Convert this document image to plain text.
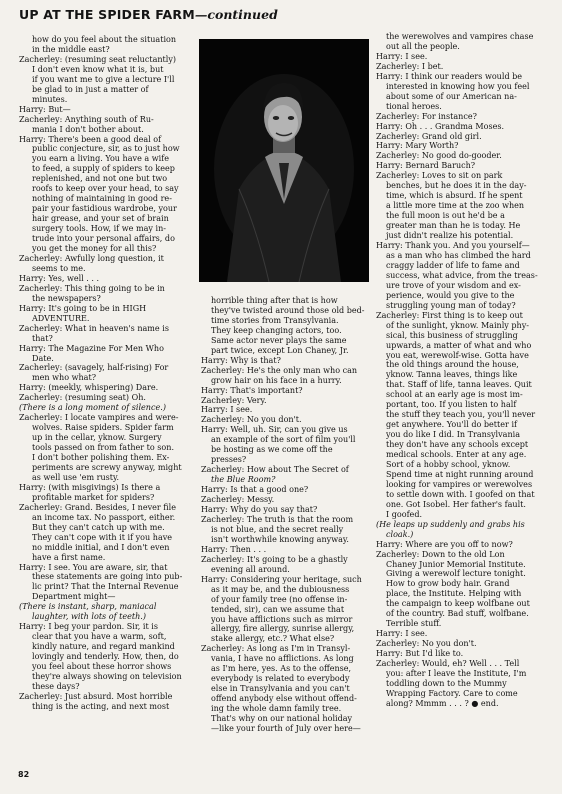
UP AT THE SPIDER FARM—continued
how do you feel about the situation
in the middle east?
Zacherley: (resuming seat reluctantly)
I don't even know what it is, but
if you want me to give a lecture I'll
be glad to in just a matter of
minutes.
Harry: But—
Zacherley: Anything south of Ru-
mania I don't bother about.
Harry: There's been a good deal of
public conjecture, sir, as to just how
you earn a living. You have a wife
to feed, a supply of spiders to keep
replenished, and not one but two
roofs to keep over your head, to say
nothing of maintaining in good re-
pair your fastidious wardrobe, your
hair grease, and your set of brain
surgery tools. How, if we may in-
trude into your personal affairs, do
you get the money for all this?
Zacherley: Awfully long question, it
seems to me.
Harry: Yes, well . . .
Zacherley: This thing going to be in
the newspapers?
Harry: It's going to be in HIGH
ADVENTURE.
Zacherley: What in heaven's name is
that?
Harry: The Magazine For Men Who
Date.
Zacherley: (savagely, half-rising) For
men who what?
Harry: (meekly, whispering) Dare.
Zacherley: (resuming seat) Oh.
(There is a long moment of silence.)
Zacherley: I locate vampires and were-
wolves. Raise spiders. Spider farm
up in the cellar, yknow. Surgery
tools passed on from father to son.
I don't bother polishing them. Ex-
periments are screwy anyway, might
as well use 'em rusty.
Harry: (with misgivings) Is there a
profitable market for spiders?
Zacherley: Grand. Besides, I never file
an income tax. No passport, either.
But they can't catch up with me.
They can't cope with it if you have
no middle initial, and I don't even
have a first name.
Harry: I see. You are aware, sir, that
these statements are going into pub-
lic print? That the Internal Revenue
Department might—
(There is instant, sharp, maniacal
laughter, with lots of teeth.)
Harry: I beg your pardon. Sir, it is
clear that you have a warm, soft,
kindly nature, and regard mankind
lovingly and tenderly. How, then, do
you feel about these horror shows
they're always showing on television
these days?
Zacherley: Just absurd. Most horrible
thing is the acting, and next most
horrible thing after that is how
they've twisted around those old bed-
time stories from Transylvania.
They keep changing actors, too.
Same actor never plays the same
part twice, except Lon Chaney, Jr.
Harry: Why is that?
Zacherley: He's the only man who can
grow hair on his face in a hurry.
Harry: That's important?
Zacherley: Very.
Harry: I see.
Zacherley: No you don't.
Harry: Well, uh. Sir, can you give us
an example of the sort of film you'll
be hosting as we come off the
presses?
Zacherley: How about The Secret of
the Blue Room?
Harry: Is that a good one?
Zacherley: Messy.
Harry: Why do you say that?
Zacherley: The truth is that the room
is not blue, and the secret really
isn't worthwhile knowing anyway.
Harry: Then . . .
Zacherley: It's going to be a ghastly
evening all around.
Harry: Considering your heritage, such
as it may be, and the dubiousness
of your family tree (no offense in-
tended, sir), can we assume that
you have afflictions such as mirror
allergy, fire allergy, sunrise allergy,
stake allergy, etc.? What else?
Zacherley: As long as I'm in Transyl-
vania, I have no afflictions. As long
as I'm here, yes. As to the offense,
everybody is related to everybody
else in Transylvania and you can't
offend anybody else without offend-
ing the whole damn family tree.
That's why on our national holiday
—like your fourth of July over here—
the werewolves and vampires chase
out all the people.
Harry: I see.
Zacherley: I bet.
Harry: I think our readers would be
interested in knowing how you feel
about some of our American na-
tional heroes.
Zacherley: For instance?
Harry: Oh . . . Grandma Moses.
Zacherley: Grand old girl.
Harry: Mary Worth?
Zacherley: No good do-gooder.
Harry: Bernard Baruch?
Zacherley: Loves to sit on park
benches, but he does it in the day-
time, which is absurd. If he spent
a little more time at the zoo when
the full moon is out he'd be a
greater man than he is today. He
just didn't realize his potential.
Harry: Thank you. And you yourself—
as a man who has climbed the hard
craggy ladder of life to fame and
success, what advice, from the treas-
ure trove of your wisdom and ex-
perience, would you give to the
struggling young man of today?
Zacherley: First thing is to keep out
of the sunlight, yknow. Mainly phy-
sical, this business of struggling
upwards, a matter of what and who
you eat, werewolf-wise. Gotta have
the old things around the house,
yknow. Tanna leaves, things like
that. Staff of life, tanna leaves. Quit
school at an early age is most im-
portant, too. If you listen to half
the stuff they teach you, you'll never
get anywhere. You'll do better if
you do like I did. In Transylvania
they don't have any schools except
medical schools. Enter at any age.
Sort of a hobby school, yknow.
Spend time at night running around
looking for vampires or werewolves
to settle down with. I goofed on that
one. Got Isobel. Her father's fault.
I goofed.
(He leaps up suddenly and grabs his
cloak.)
Harry: Where are you off to now?
Zacherley: Down to the old Lon
Chaney Junior Memorial Institute.
Giving a werewolf lecture tonight.
How to grow body hair. Grand
place, the Institute. Helping with
the campaign to keep wolfbane out
of the country. Bad stuff, wolfbane.
Terrible stuff.
Harry: I see.
Zacherley: No you don't.
Harry: But I'd like to.
Zacherley: Would, eh? Well . . . Tell
you: after I leave the Institute, I'm
toddling down to the Mummy
Wrapping Factory. Care to come
along? Mmmm . . . ? ● end.
82
